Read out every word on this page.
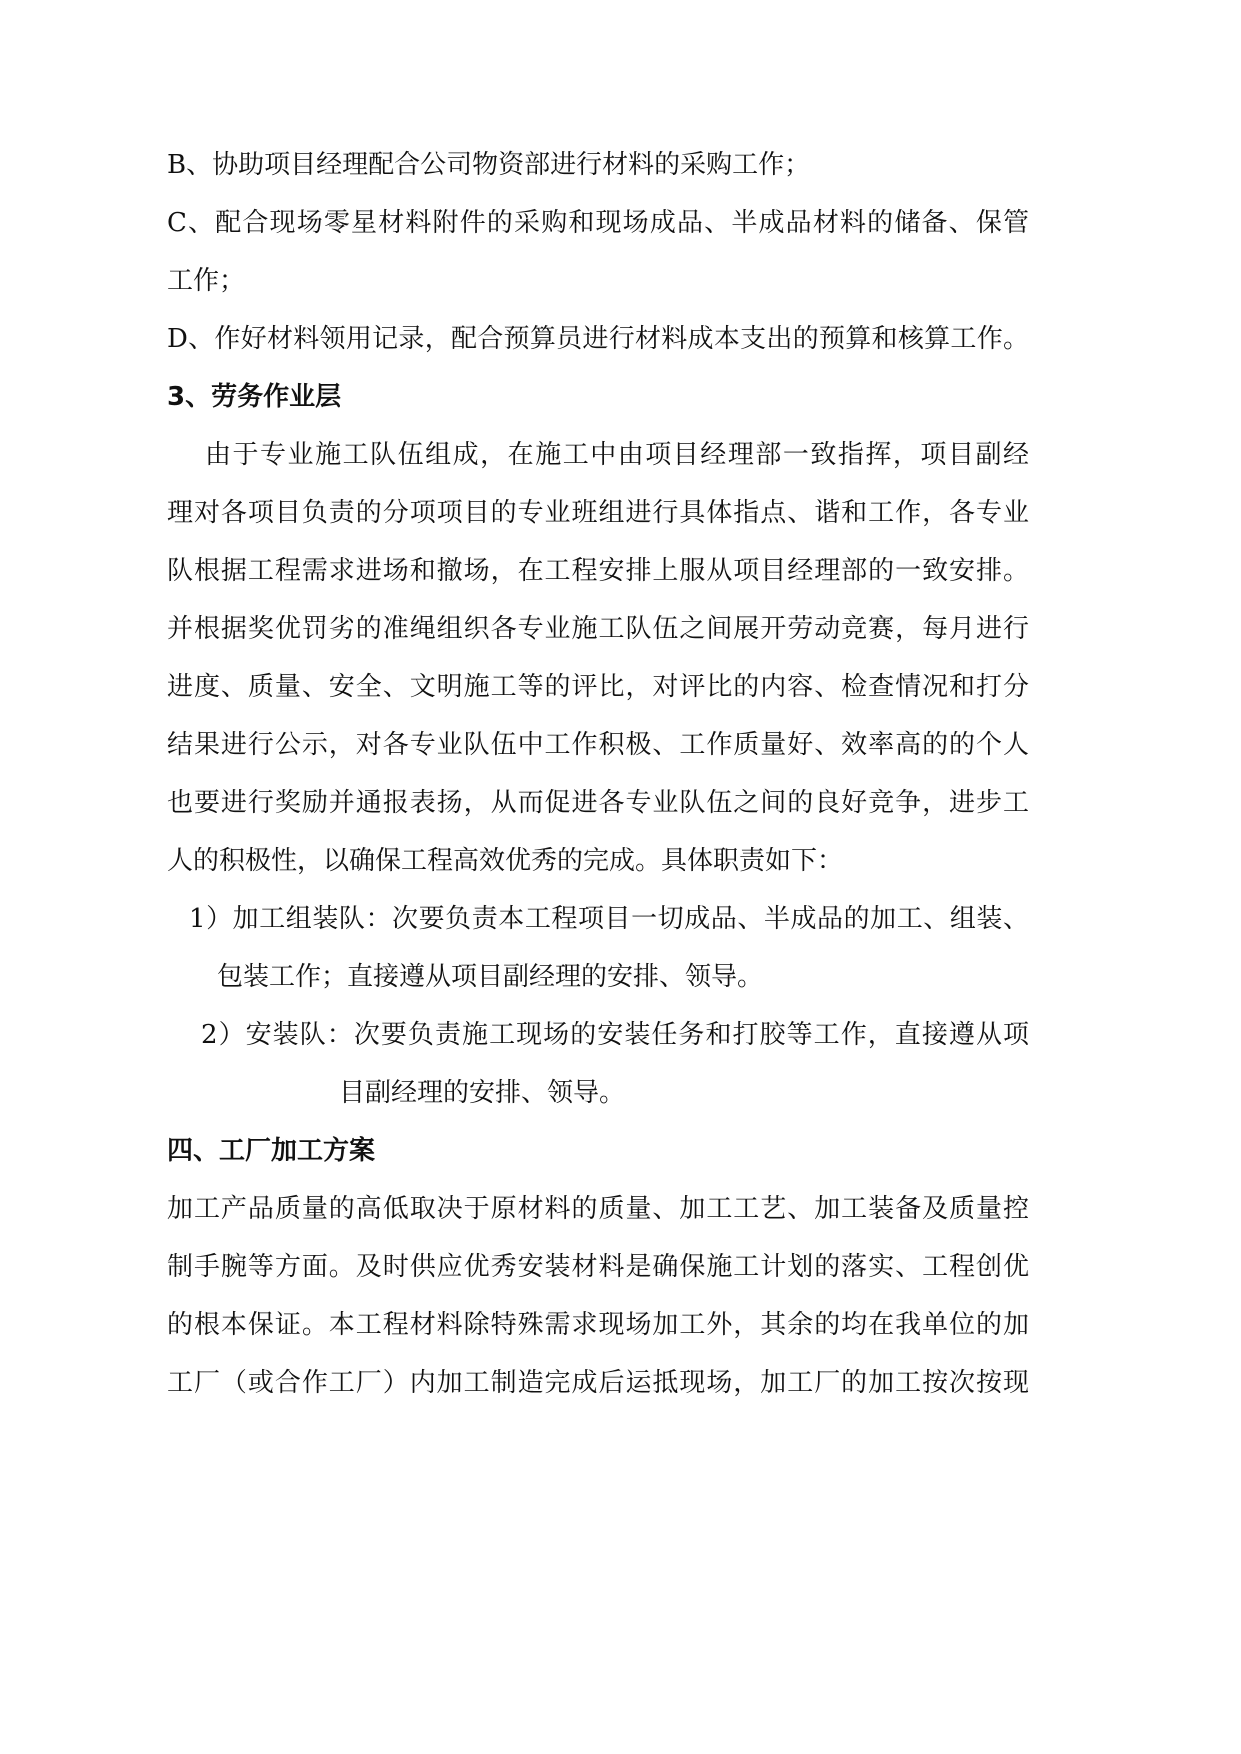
B、协助项目经理配合公司物资部进行材料的采购工作；
C、配合现场零星材料附件的采购和现场成品、半成品材料的储备、保管
工作；
D、作好材料领用记录，配合预算员进行材料成本支出的预算和核算工作。
3、劳务作业层
由于专业施工队伍组成，在施工中由项目经理部一致指挥，项目副经
理对各项目负责的分项项目的专业班组进行具体指点、谐和工作，各专业
队根据工程需求进场和撤场，在工程安排上服从项目经理部的一致安排。
并根据奖优罚劣的准绳组织各专业施工队伍之间展开劳动竞赛，每月进行
进度、质量、安全、文明施工等的评比，对评比的内容、检查情况和打分
结果进行公示，对各专业队伍中工作积极、工作质量好、效率高的的个人
也要进行奖励并通报表扬，从而促进各专业队伍之间的良好竞争，进步工
人的积极性，以确保工程高效优秀的完成。具体职责如下：
1）加工组装队：次要负责本工程项目一切成品、半成品的加工、组装、
包装工作；直接遵从项目副经理的安排、领导。
2）安装队：次要负责施工现场的安装任务和打胶等工作，直接遵从项
目副经理的安排、领导。
四、工厂加工方案
加工产品质量的高低取决于原材料的质量、加工工艺、加工装备及质量控
制手腕等方面。及时供应优秀安装材料是确保施工计划的落实、工程创优
的根本保证。本工程材料除特殊需求现场加工外，其余的均在我单位的加
工厂（或合作工厂）内加工制造完成后运抵现场，加工厂的加工按次按现
